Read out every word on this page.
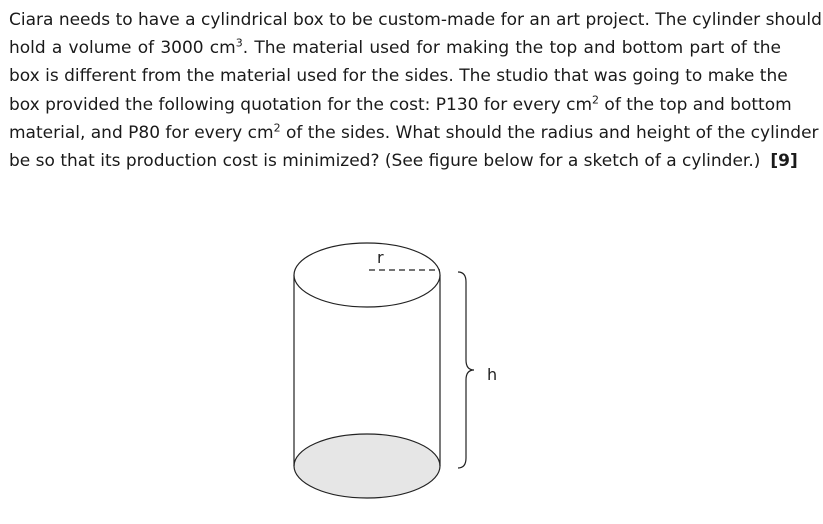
Ciara needs to have a cylindrical box to be custom-made for an art project. The cylinder should
hold a volume of 3000 $cm^3$. The material used for making the top and bottom part of the
box is different from the material used for the sides. The studio that was going to make the
box provided the following quotation for the cost: P130 for every $cm^2$ of the top and bottom
material, and P80 for every $cm^2$ of the sides. What should the radius and height of the cylinder
be so that its production cost is minimized? (See figure below for a sketch of a cylinder.) [9]
r
h
